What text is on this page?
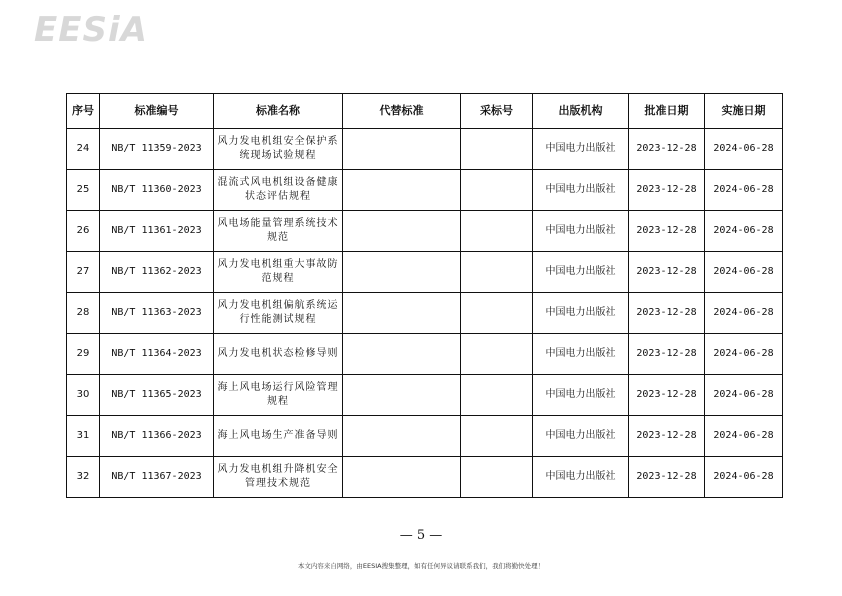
EESiA
序号	标准编号	标准名称	代替标准	采标号	出版机构	批准日期	实施日期
24	NB/T 11359-2023	风力发电机组安全保护系统现场试验规程			中国电力出版社	2023-12-28	2024-06-28
25	NB/T 11360-2023	混流式风电机组设备健康状态评估规程			中国电力出版社	2023-12-28	2024-06-28
26	NB/T 11361-2023	风电场能量管理系统技术规范			中国电力出版社	2023-12-28	2024-06-28
27	NB/T 11362-2023	风力发电机组重大事故防范规程			中国电力出版社	2023-12-28	2024-06-28
28	NB/T 11363-2023	风力发电机组偏航系统运行性能测试规程			中国电力出版社	2023-12-28	2024-06-28
29	NB/T 11364-2023	风力发电机状态检修导则			中国电力出版社	2023-12-28	2024-06-28
30	NB/T 11365-2023	海上风电场运行风险管理规程			中国电力出版社	2023-12-28	2024-06-28
31	NB/T 11366-2023	海上风电场生产准备导则			中国电力出版社	2023-12-28	2024-06-28
32	NB/T 11367-2023	风力发电机组升降机安全管理技术规范			中国电力出版社	2023-12-28	2024-06-28
— 5 —
本文内容来自网络，由EESIA搜集整理，如有任何异议请联系我们，我们将勤快处理！
